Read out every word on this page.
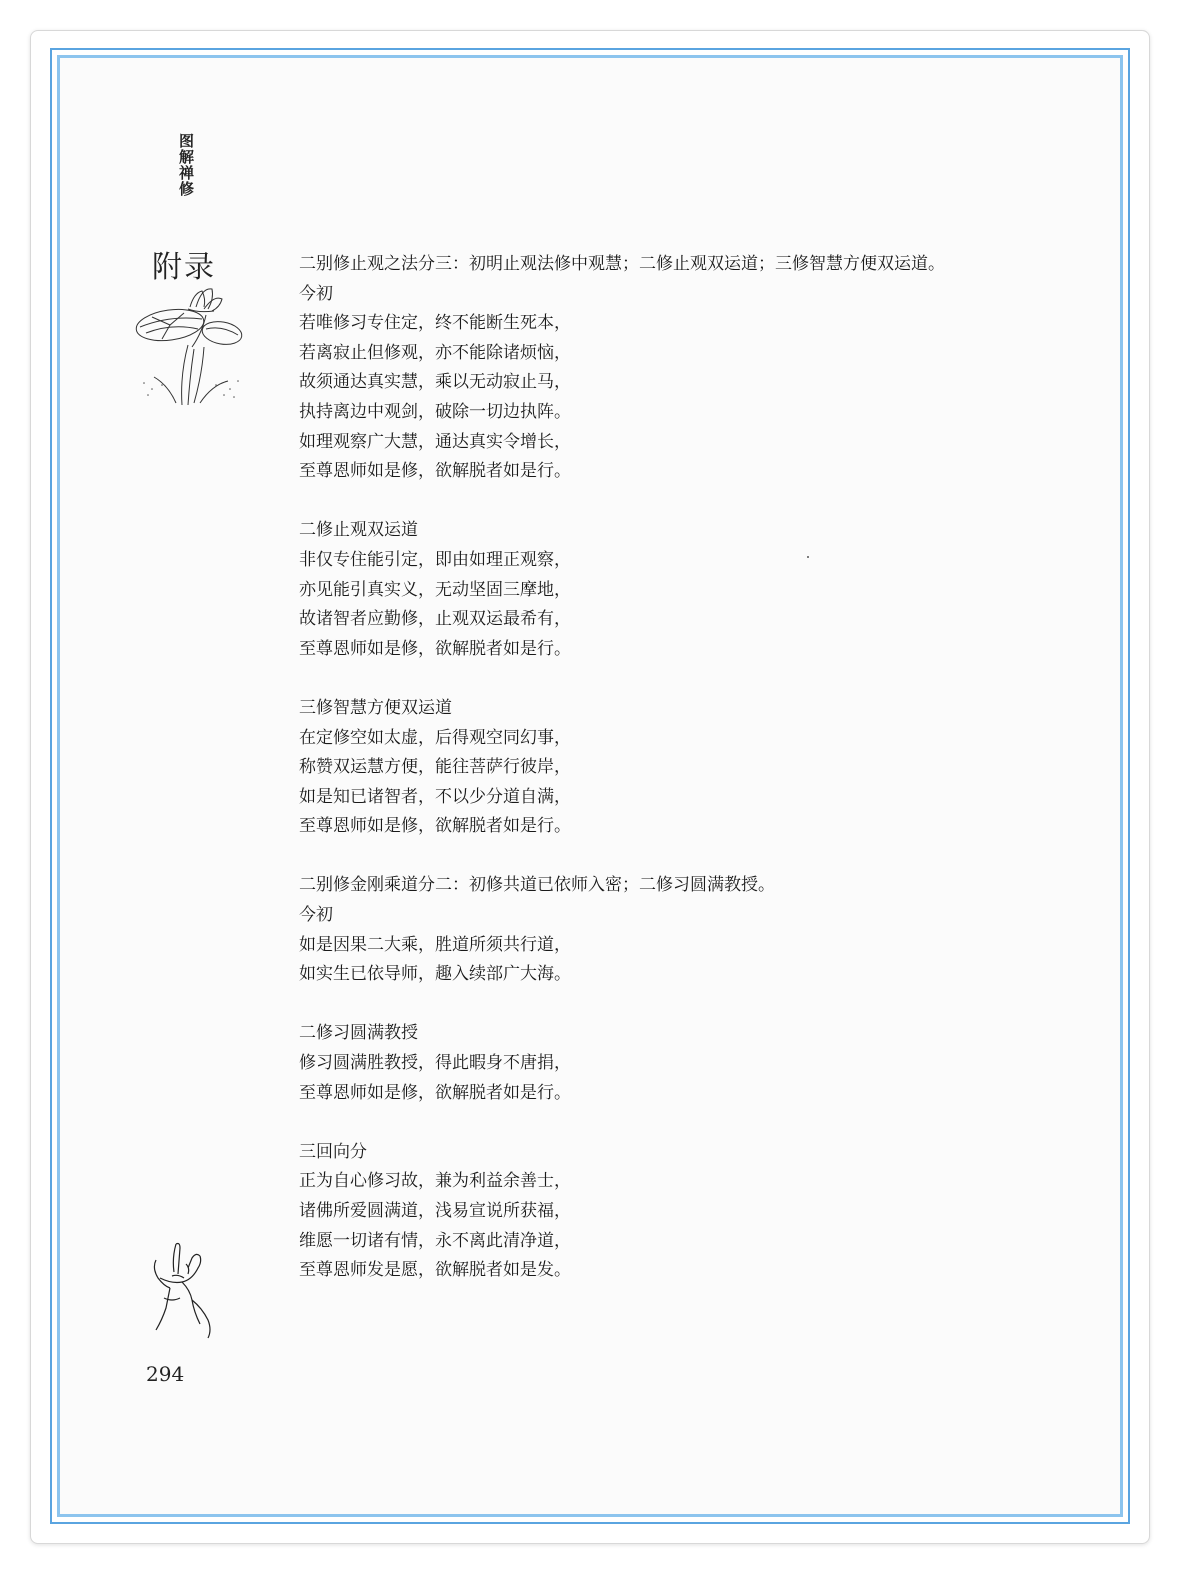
图解禅修
附录	二别修止观之法分三：初明止观法修中观慧；二修止观双运道；三修智慧方便双运道。
今初
若唯修习专住定，终不能断生死本，
若离寂止但修观，亦不能除诸烦恼，
故须通达真实慧，乘以无动寂止马，
执持离边中观剑，破除一切边执阵。
如理观察广大慧，通达真实令增长，
至尊恩师如是修，欲解脱者如是行。
二修止观双运道
非仅专住能引定，即由如理正观察，
亦见能引真实义，无动坚固三摩地，
故诸智者应勤修，止观双运最希有，
至尊恩师如是修，欲解脱者如是行。
三修智慧方便双运道
在定修空如太虚，后得观空同幻事，
称赞双运慧方便，能往菩萨行彼岸，
如是知已诸智者，不以少分道自满，
至尊恩师如是修，欲解脱者如是行。
二别修金刚乘道分二：初修共道已依师入密；二修习圆满教授。
今初
如是因果二大乘，胜道所须共行道，
如实生已依导师，趣入续部广大海。
二修习圆满教授
修习圆满胜教授，得此暇身不唐捐，
至尊恩师如是修，欲解脱者如是行。
三回向分
正为自心修习故，兼为利益余善士，
诸佛所爱圆满道，浅易宣说所获福，
维愿一切诸有情，永不离此清净道，
至尊恩师发是愿，欲解脱者如是发。
294
